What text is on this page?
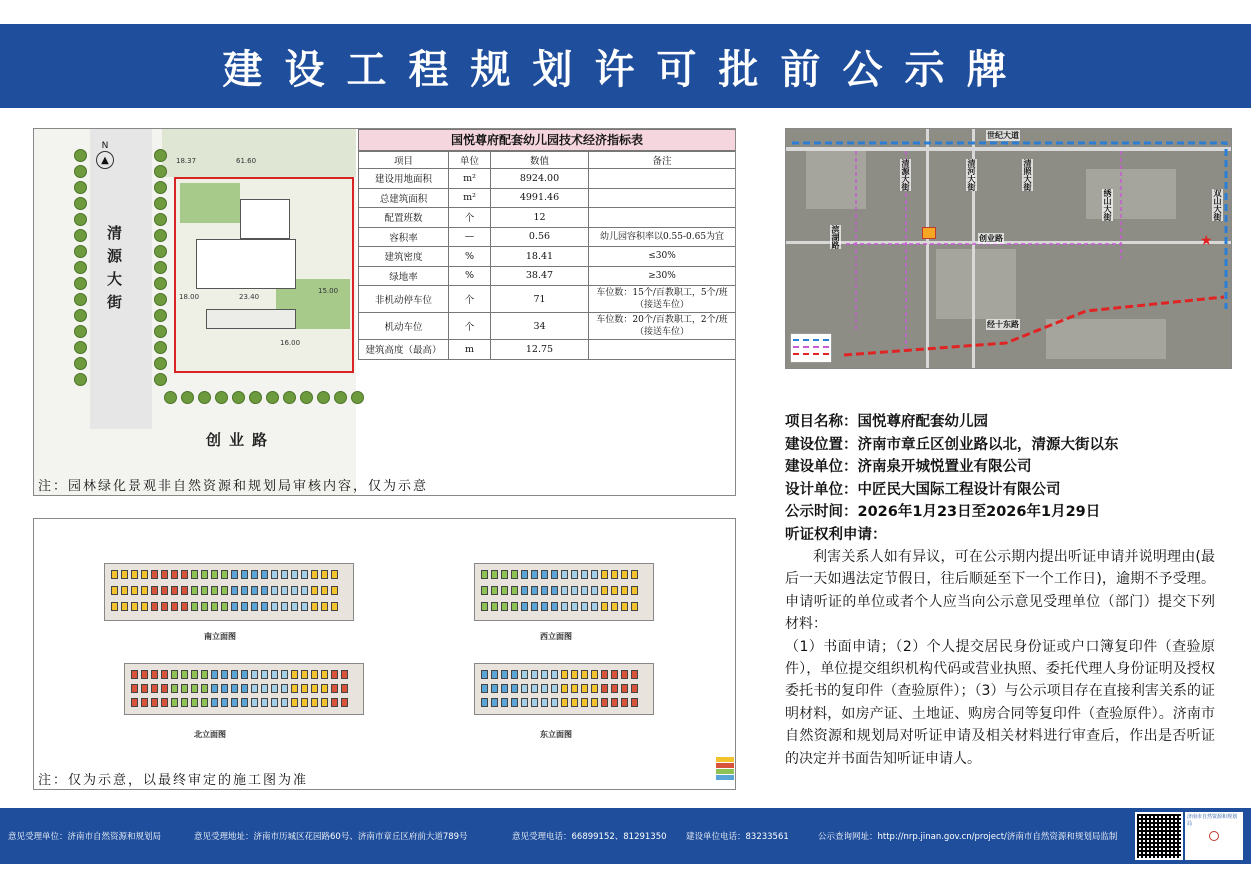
建设工程规划许可批前公示牌
18.37	61.60
18.00	23.40
15.00
16.00
N
▲
清源大街
创业路
注：园林绿化景观非自然资源和规划局审核内容，仅为示意
国悦尊府配套幼儿园技术经济指标表
项目	单位	数值	备注
建设用地面积	m²	8924.00	
总建筑面积	m²	4991.46	
配置班数	个	12	
容积率	—	0.56	幼儿园容积率以0.55-0.65为宜
建筑密度	%	18.41	≤30%
绿地率	%	38.47	≥30%
非机动停车位	个	71	车位数：15个/百教职工，5个/班（接送车位）
机动车位	个	34	车位数：20个/百教职工，2个/班（接送车位）
建筑高度（最高）	m	12.75	
南立面图	西立面图
北立面图	东立面图
注：仅为示意，以最终审定的施工图为准
世纪大道
清源大街	清河大街	清照大街
绣山大街	双山大街
滨湖路	创业路
经十东路
★
项目名称：国悦尊府配套幼儿园
建设位置：济南市章丘区创业路以北，清源大街以东
建设单位：济南泉开城悦置业有限公司
设计单位：中匠民大国际工程设计有限公司
公示时间：2026年1月23日至2026年1月29日
听证权利申请：

利害关系人如有异议，可在公示期内提出听证申请并说明理由(最后一天如遇法定节假日，往后顺延至下一个工作日)，逾期不予受理。申请听证的单位或者个人应当向公示意见受理单位（部门）提交下列材料：

（1）书面申请；（2）个人提交居民身份证或户口簿复印件（查验原件），单位提交组织机构代码或营业执照、委托代理人身份证明及授权委托书的复印件（查验原件）；（3）与公示项目存在直接利害关系的证明材料，如房产证、土地证、购房合同等复印件（查验原件）。济南市自然资源和规划局对听证申请及相关材料进行审查后，作出是否听证的决定并书面告知听证申请人。

意见受理单位：济南市自然资源和规划局	意见受理地址：济南市历城区花园路60号、济南市章丘区府前大道789号	意见受理电话：66899152、81291350 建设单位电话：83233561	公示查询网址：http://nrp.jinan.gov.cn/project/济南市自然资源和规划局监制
济南市自然资源和规划局
